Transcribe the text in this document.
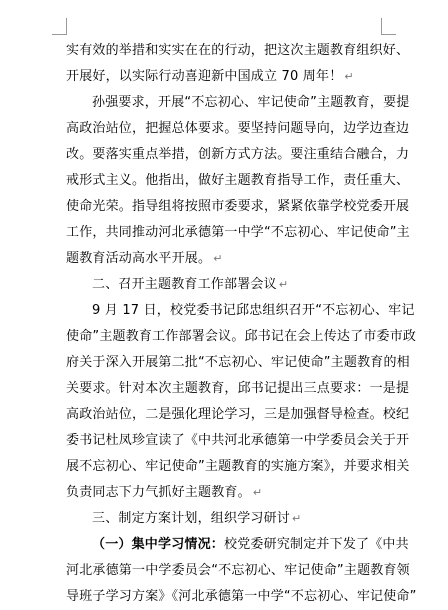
实有效的举措和实实在在的行动，把这次主题教育组织好、
开展好，以实际行动喜迎新中国成立 70 周年！ ↵
孙强要求，开展“不忘初心、牢记使命”主题教育，要提
高政治站位，把握总体要求。要坚持问题导向，边学边查边
改。要落实重点举措，创新方式方法。要注重结合融合，力
戒形式主义。他指出，做好主题教育指导工作，责任重大、
使命光荣。指导组将按照市委要求，紧紧依靠学校党委开展
工作，共同推动河北承德第一中学“不忘初心、牢记使命”主
题教育活动高水平开展。 ↵
二、召开主题教育工作部署会议 ↵
9 月 17 日，校党委书记邱忠组织召开“不忘初心、牢记
使命”主题教育工作部署会议。邱书记在会上传达了市委市政
府关于深入开展第二批“不忘初心、牢记使命”主题教育的相
关要求。针对本次主题教育，邱书记提出三点要求：一是提
高政治站位，二是强化理论学习，三是加强督导检查。校纪
委书记杜凤珍宣读了《中共河北承德第一中学委员会关于开
展不忘初心、牢记使命”主题教育的实施方案》，并要求相关
负责同志下力气抓好主题教育。 ↵
三、制定方案计划，组织学习研讨 ↵
（一）集中学习情况：校党委研究制定并下发了《中共
河北承德第一中学委员会“不忘初心、牢记使命”主题教育领
导班子学习方案》《河北承德第一中学“不忘初心、牢记使命”
